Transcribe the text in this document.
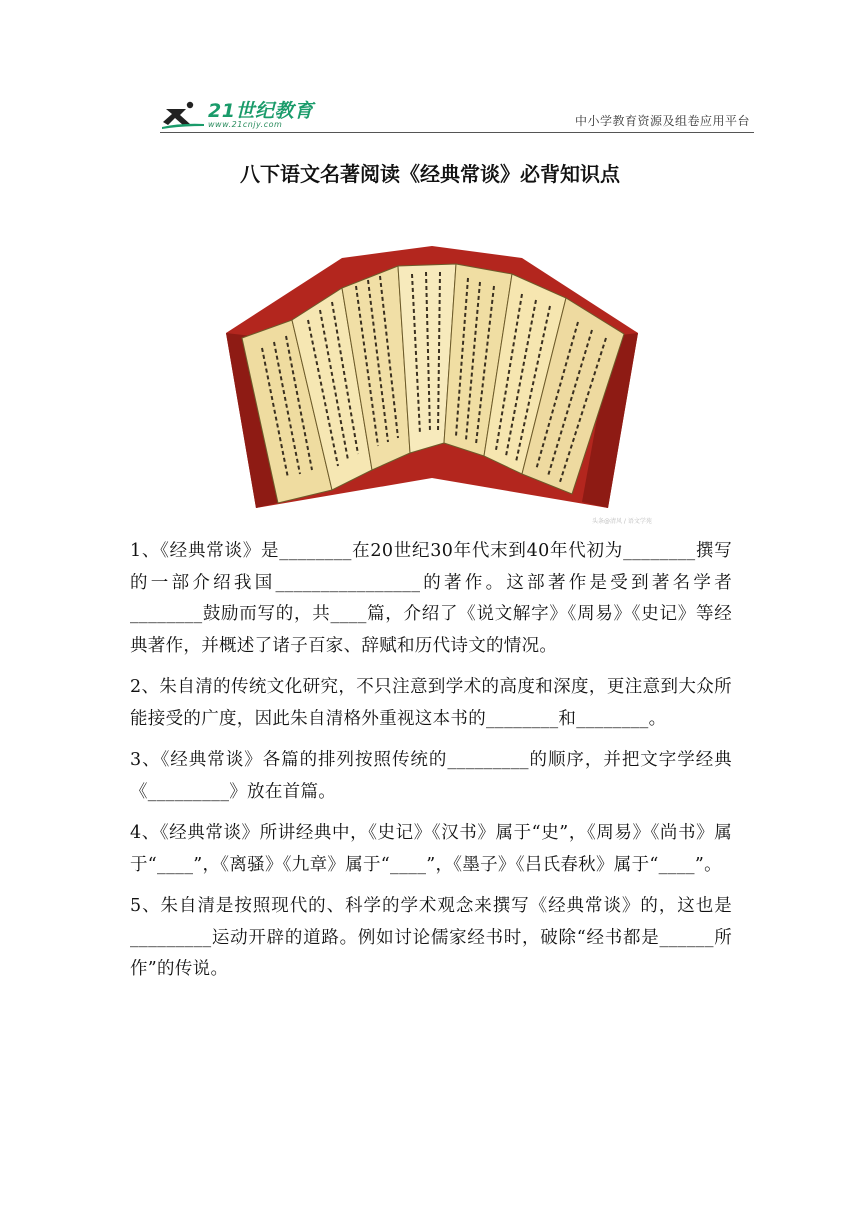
21世纪教育
www.21cnjy.com	中小学教育资源及组卷应用平台
八下语文名著阅读《经典常谈》必背知识点
头条@清风 / 语文学苑

1、《经典常谈》是________在20世纪30年代末到40年代初为________撰写的一部介绍我国________________的著作。这部著作是受到著名学者________鼓励而写的，共____篇，介绍了《说文解字》《周易》《史记》等经典著作，并概述了诸子百家、辞赋和历代诗文的情况。

2、朱自清的传统文化研究，不只注意到学术的高度和深度，更注意到大众所能接受的广度，因此朱自清格外重视这本书的________和________。

3、《经典常谈》各篇的排列按照传统的_________的顺序，并把文字学经典《_________》放在首篇。

4、《经典常谈》所讲经典中，《史记》《汉书》属于“史”，《周易》《尚书》属于“____”，《离骚》《九章》属于“____”，《墨子》《吕氏春秋》属于“____”。

5、朱自清是按照现代的、科学的学术观念来撰写《经典常谈》的，这也是_________运动开辟的道路。例如讨论儒家经书时，破除“经书都是______所作”的传说。
